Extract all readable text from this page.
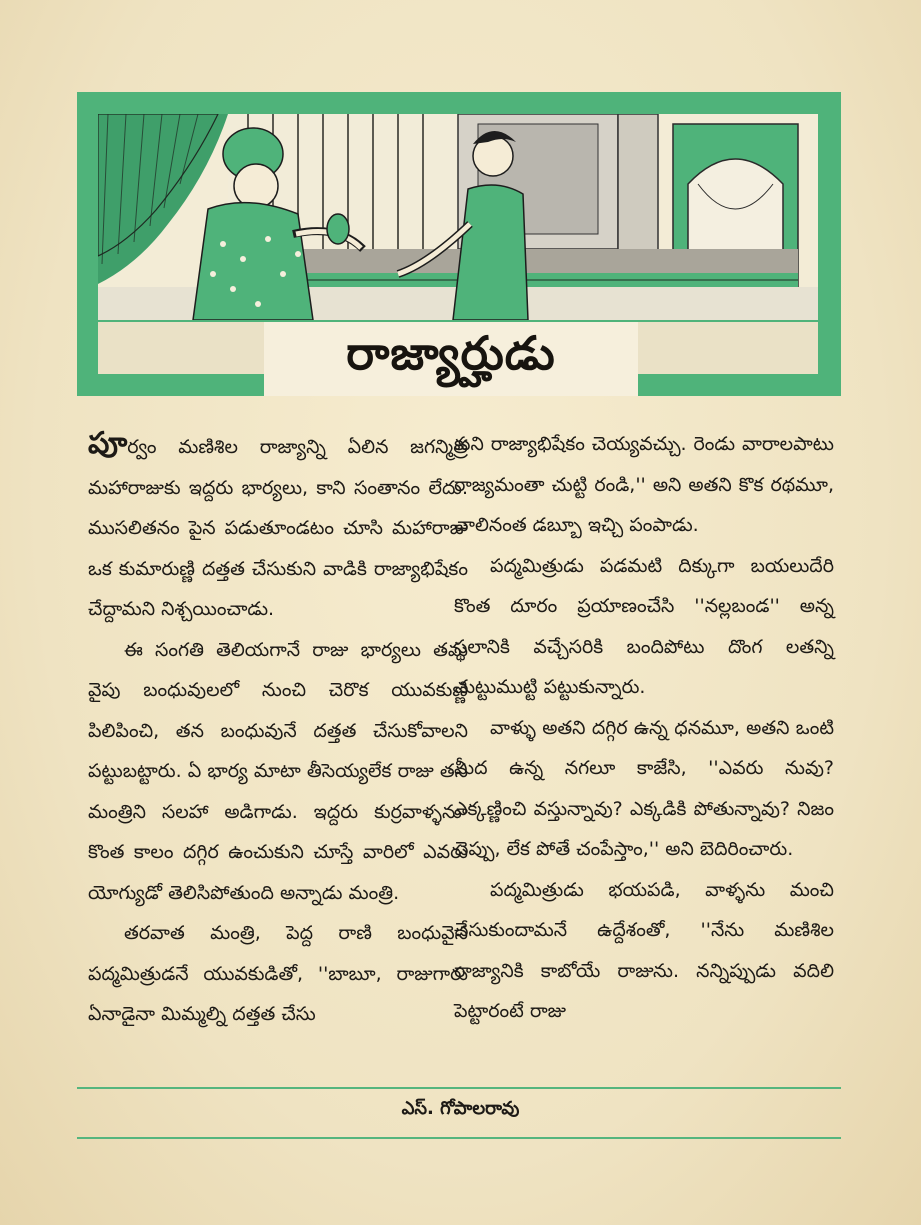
రాజ్యార్హుడు

పూర్వం మణిశిల రాజ్యాన్ని ఏలిన జగన్మిత్ర మహారాజుకు ఇద్దరు భార్యలు, కాని సంతానం లేదు. ముసలితనం పైన పడుతూండటం చూసి మహారాజు ఒక కుమారుణ్ణి దత్తత చేసుకుని వాడికి రాజ్యాభిషేకం చేద్దామని నిశ్చయించాడు.

ఈ సంగతి తెలియగానే రాజు భార్యలు తమ వైపు బంధువులలో నుంచి చెరొక యువకుణ్ణి పిలిపించి, తన బంధువునే దత్తత చేసుకోవాలని పట్టుబట్టారు. ఏ భార్య మాటా తీసెయ్యలేక రాజు తన మంత్రిని సలహా అడిగాడు. ఇద్దరు కుర్రవాళ్ళనూ కొంత కాలం దగ్గిర ఉంచుకుని చూస్తే వారిలో ఎవరు యోగ్యుడో తెలిసిపోతుంది అన్నాడు మంత్రి.

తరవాత మంత్రి, పెద్ద రాణి బంధువైన పద్మమిత్రుడనే యువకుడితో, ''బాబూ, రాజుగారు ఏనాడైనా మిమ్మల్ని దత్తత చేసు

కుని రాజ్యాభిషేకం చెయ్యవచ్చు. రెండు వారాలపాటు రాజ్యమంతా చుట్టి రండి,'' అని అతని కొక రథమూ, చాలినంత డబ్బూ ఇచ్చి పంపాడు.

పద్మమిత్రుడు పడమటి దిక్కుగా బయలుదేరి కొంత దూరం ప్రయాణంచేసి ''నల్లబండ'' అన్న స్థలానికి వచ్చేసరికి బందిపోటు దొంగ లతన్ని చుట్టుముట్టి పట్టుకున్నారు.

వాళ్ళు అతని దగ్గిర ఉన్న ధనమూ, అతని ఒంటి మీద ఉన్న నగలూ కాజేసి, ''ఎవరు నువు? ఎక్కణ్ణించి వస్తున్నావు? ఎక్కడికి పోతున్నావు? నిజం చెప్పు, లేక పోతే చంపేస్తాం,'' అని బెదిరించారు.

పద్మమిత్రుడు భయపడి, వాళ్ళను మంచి చేసుకుందామనే ఉద్దేశంతో, ''నేను మణిశిల రాజ్యానికి కాబోయే రాజును. నన్నిప్పుడు వదిలి పెట్టారంటే రాజు

ఎస్. గోపాలరావు
